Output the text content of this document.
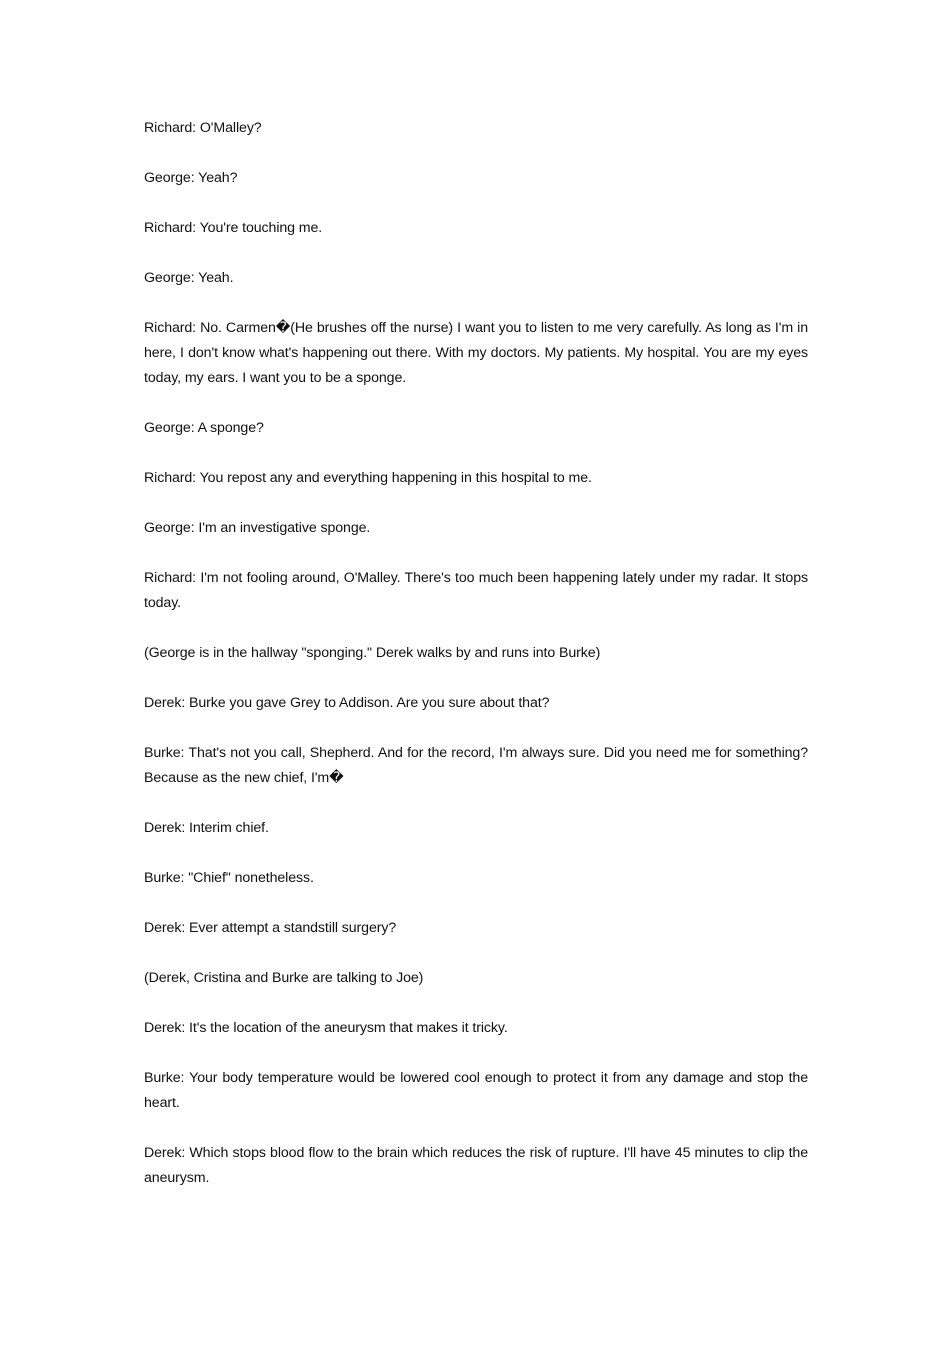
Richard: O'Malley?

George: Yeah?

Richard: You're touching me.

George: Yeah.

Richard: No. Carmen�(He brushes off the nurse) I want you to listen to me very carefully. As long as I'm in here, I don't know what's happening out there. With my doctors. My patients. My hospital. You are my eyes today, my ears. I want you to be a sponge.

George: A sponge?

Richard: You repost any and everything happening in this hospital to me.

George: I'm an investigative sponge.

Richard: I'm not fooling around, O'Malley. There's too much been happening lately under my radar. It stops today.

(George is in the hallway "sponging." Derek walks by and runs into Burke)

Derek: Burke you gave Grey to Addison. Are you sure about that?

Burke: That's not you call, Shepherd. And for the record, I'm always sure. Did you need me for something? Because as the new chief, I'm�

Derek: Interim chief.

Burke: "Chief" nonetheless.

Derek: Ever attempt a standstill surgery?

(Derek, Cristina and Burke are talking to Joe)

Derek: It's the location of the aneurysm that makes it tricky.

Burke: Your body temperature would be lowered cool enough to protect it from any damage and stop the heart.

Derek: Which stops blood flow to the brain which reduces the risk of rupture. I'll have 45 minutes to clip the aneurysm.
